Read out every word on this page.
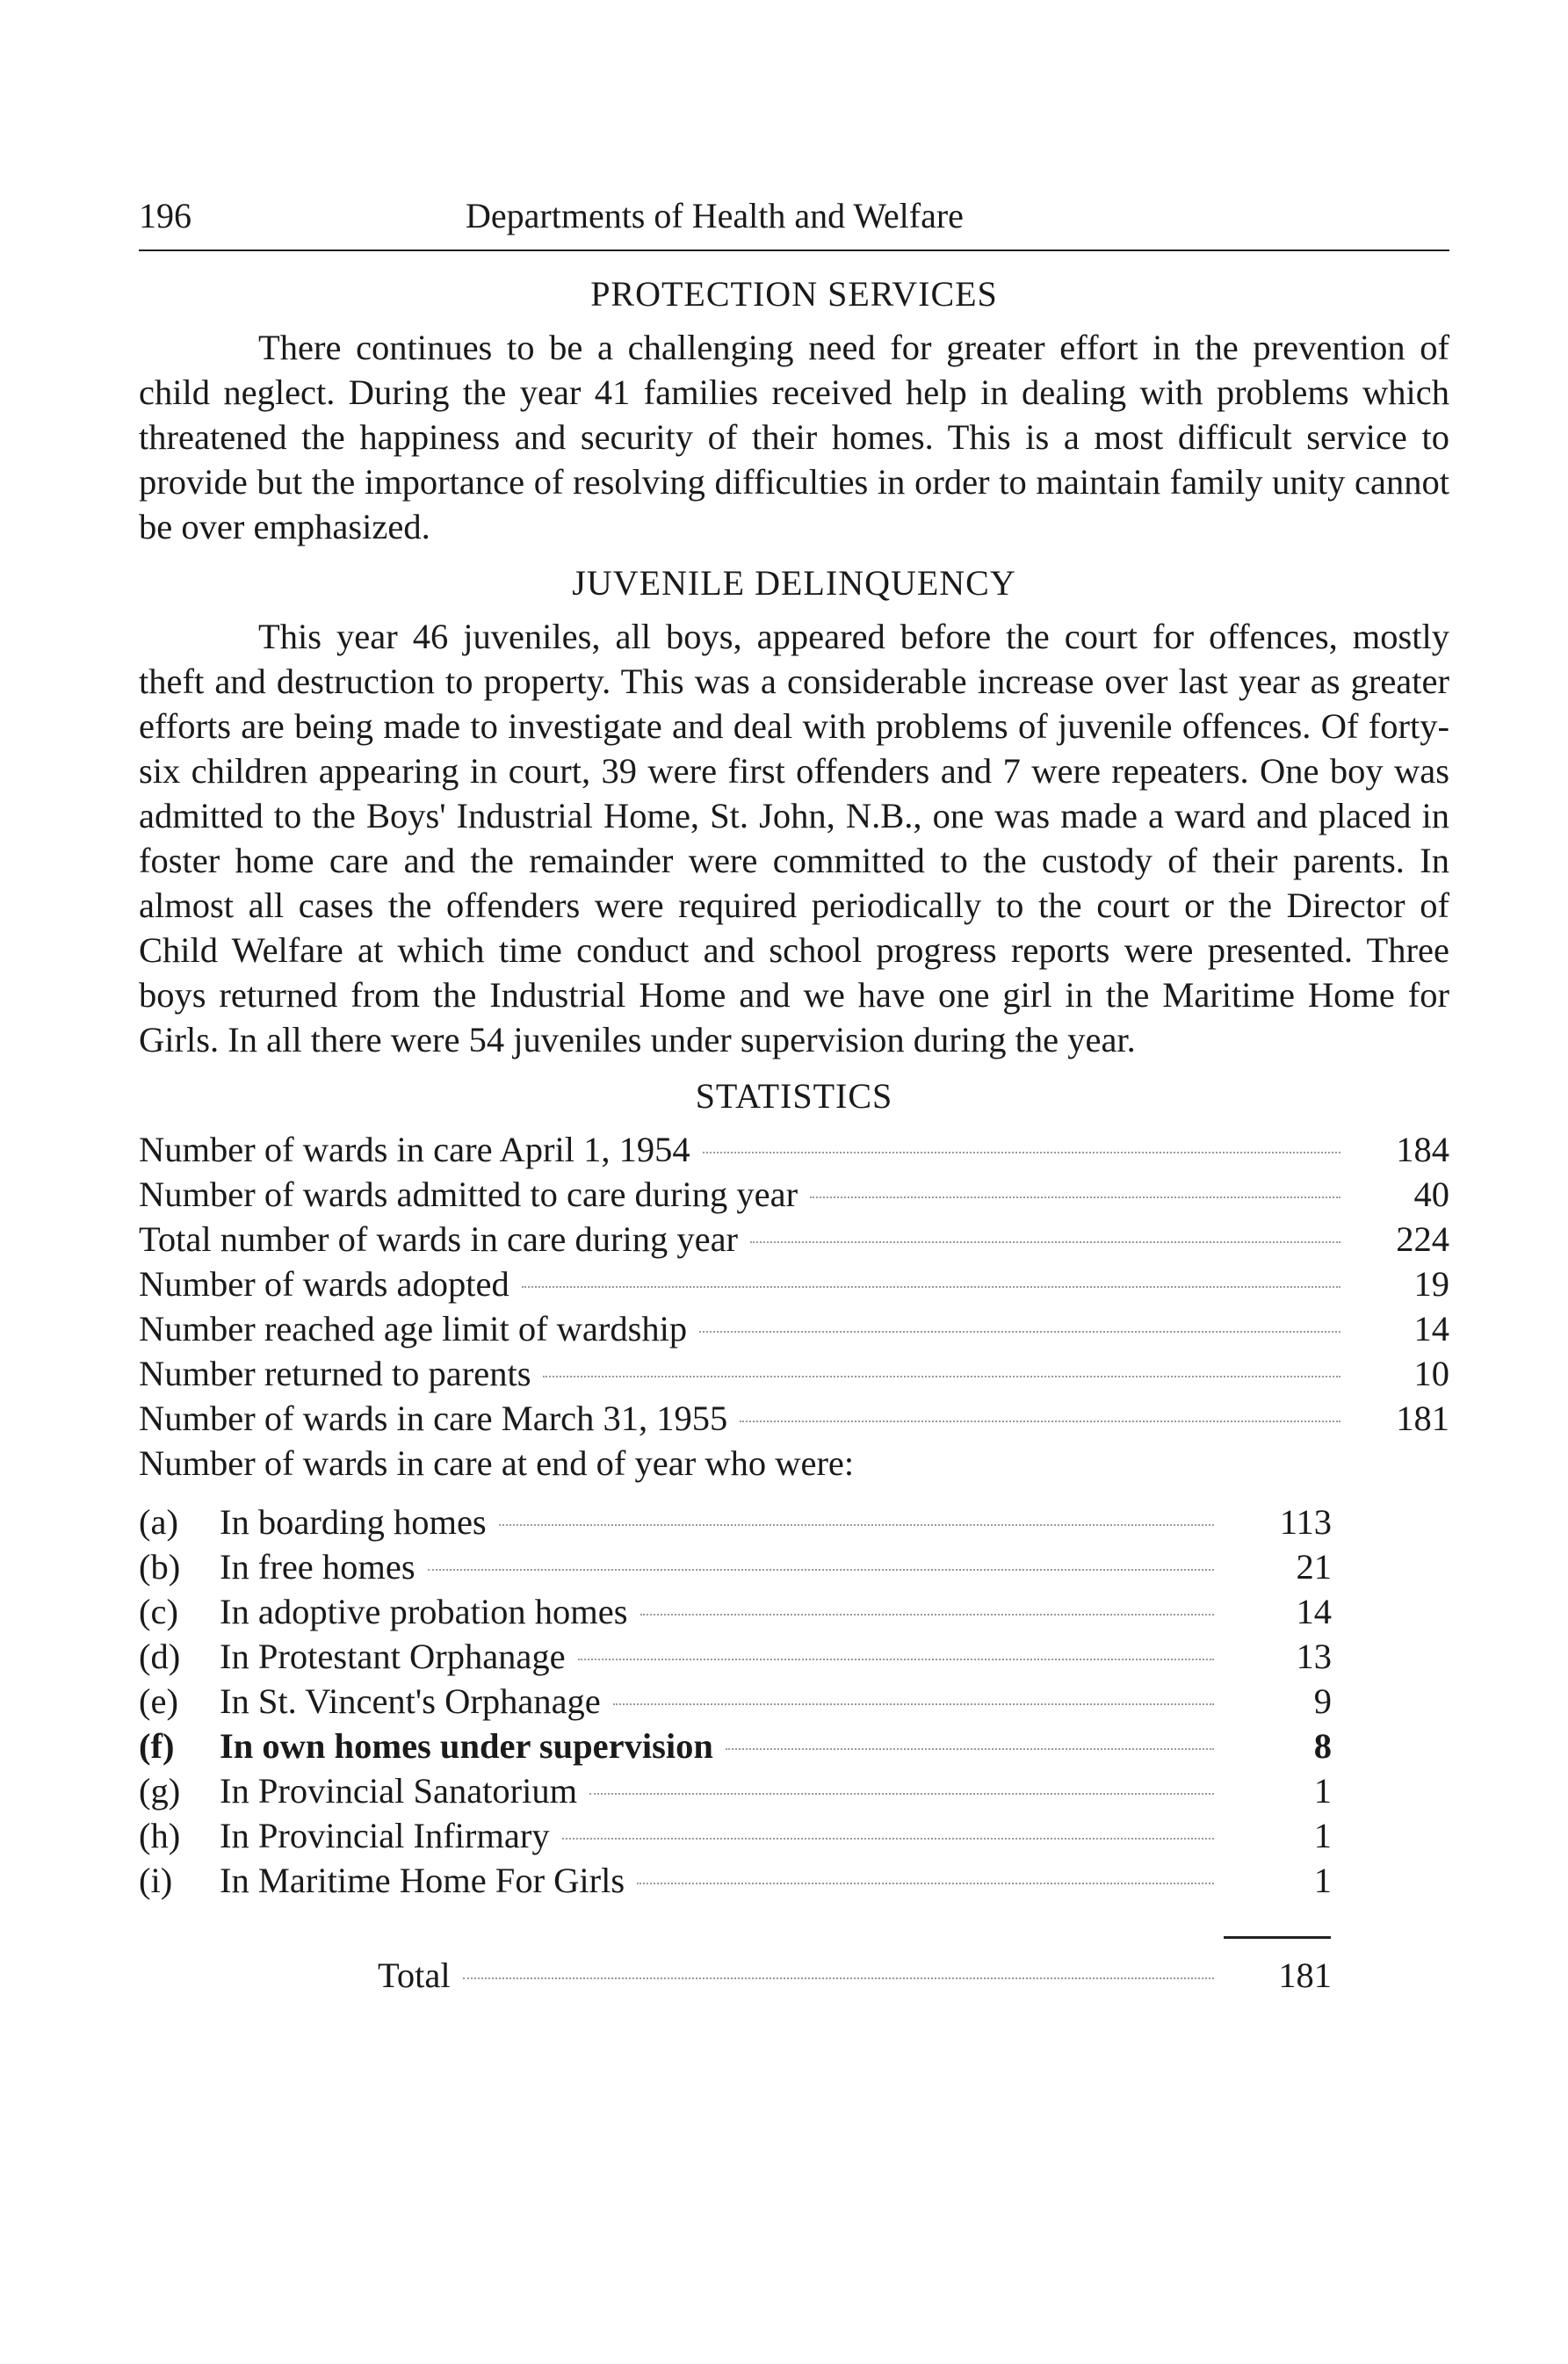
196	Departments of Health and Welfare
PROTECTION SERVICES

There continues to be a challenging need for greater effort in the prevention of child neglect. During the year 41 families received help in dealing with problems which threatened the happiness and security of their homes. This is a most difficult service to provide but the importance of resolving difficulties in order to maintain family unity cannot be over emphasized.

JUVENILE DELINQUENCY

This year 46 juveniles, all boys, appeared before the court for offences, mostly theft and destruction to property. This was a considerable increase over last year as greater efforts are being made to investigate and deal with problems of juvenile offences. Of forty-six children appearing in court, 39 were first offenders and 7 were repeaters. One boy was admitted to the Boys' Industrial Home, St. John, N.B., one was made a ward and placed in foster home care and the remainder were committed to the custody of their parents. In almost all cases the offenders were required periodically to the court or the Director of Child Welfare at which time conduct and school progress reports were presented. Three boys returned from the Industrial Home and we have one girl in the Maritime Home for Girls. In all there were 54 juveniles under supervision during the year.

STATISTICS
Number of wards in care April 1, 1954	184
Number of wards admitted to care during year	40
Total number of wards in care during year	224
Number of wards adopted	19
Number reached age limit of wardship	14
Number returned to parents	10
Number of wards in care March 31, 1955	181
Number of wards in care at end of year who were:
(a)	In boarding homes	113
(b)	In free homes	21
(c)	In adoptive probation homes	14
(d)	In Protestant Orphanage	13
(e)	In St. Vincent's Orphanage	9
(f)	In own homes under supervision	8
(g)	In Provincial Sanatorium	1
(h)	In Provincial Infirmary	1
(i)	In Maritime Home For Girls	1
Total	181
